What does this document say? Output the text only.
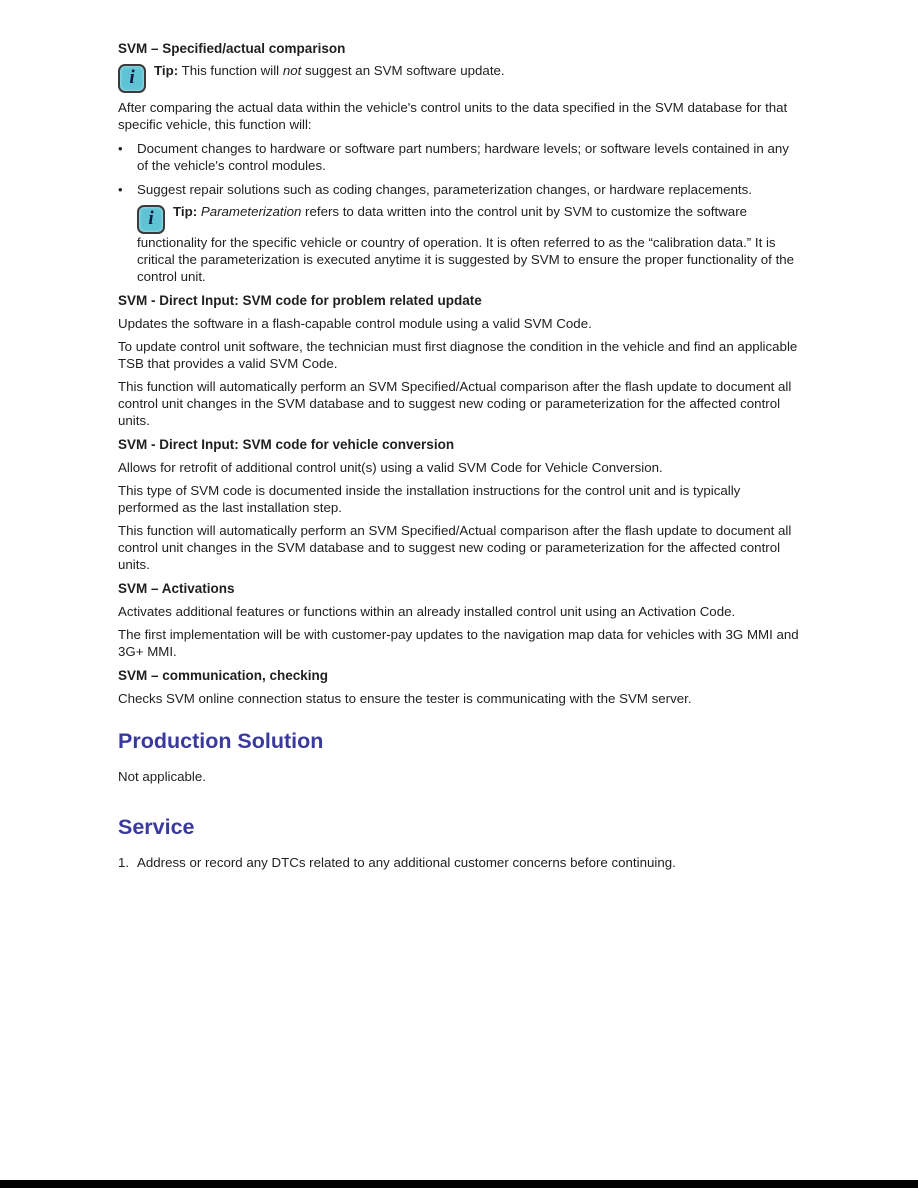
SVM – Specified/actual comparison
i Tip: This function will not suggest an SVM software update.

After comparing the actual data within the vehicle's control units to the data specified in the SVM database for that specific vehicle, this function will:

•	Document changes to hardware or software part numbers; hardware levels; or software levels contained in any of the vehicle's control modules.
•	Suggest repair solutions such as coding changes, parameterization changes, or hardware replacements.
i Tip: Parameterization refers to data written into the control unit by SVM to customize the software functionality for the specific vehicle or country of operation. It is often referred to as the “calibration data.” It is critical the parameterization is executed anytime it is suggested by SVM to ensure the proper functionality of the control unit.
SVM - Direct Input: SVM code for problem related update

Updates the software in a flash-capable control module using a valid SVM Code.

To update control unit software, the technician must first diagnose the condition in the vehicle and find an applicable TSB that provides a valid SVM Code.

This function will automatically perform an SVM Specified/Actual comparison after the flash update to document all control unit changes in the SVM database and to suggest new coding or parameterization for the affected control units.

SVM - Direct Input: SVM code for vehicle conversion

Allows for retrofit of additional control unit(s) using a valid SVM Code for Vehicle Conversion.

This type of SVM code is documented inside the installation instructions for the control unit and is typically performed as the last installation step.

This function will automatically perform an SVM Specified/Actual comparison after the flash update to document all control unit changes in the SVM database and to suggest new coding or parameterization for the affected control units.

SVM – Activations

Activates additional features or functions within an already installed control unit using an Activation Code.

The first implementation will be with customer-pay updates to the navigation map data for vehicles with 3G MMI and 3G+ MMI.

SVM – communication, checking

Checks SVM online connection status to ensure the tester is communicating with the SVM server.

Production Solution

Not applicable.

Service
1. Address or record any DTCs related to any additional customer concerns before continuing.
